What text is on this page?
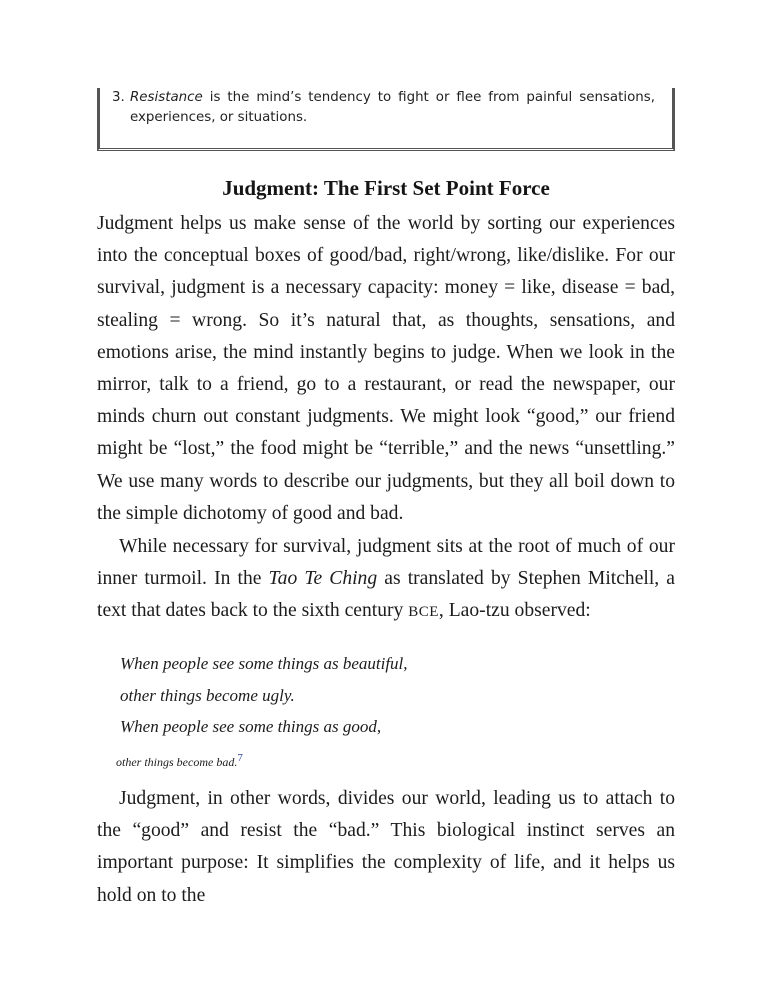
3. Resistance is the mind’s tendency to fight or flee from painful sensations, experiences, or situations.
Judgment: The First Set Point Force
Judgment helps us make sense of the world by sorting our experiences into the conceptual boxes of good/bad, right/wrong, like/dislike. For our survival, judgment is a necessary capacity: money = like, disease = bad, stealing = wrong. So it’s natural that, as thoughts, sensations, and emotions arise, the mind instantly begins to judge. When we look in the mirror, talk to a friend, go to a restaurant, or read the newspaper, our minds churn out constant judgments. We might look “good,” our friend might be “lost,” the food might be “terrible,” and the news “unsettling.” We use many words to describe our judgments, but they all boil down to the simple dichotomy of good and bad.
While necessary for survival, judgment sits at the root of much of our inner turmoil. In the Tao Te Ching as translated by Stephen Mitchell, a text that dates back to the sixth century BCE, Lao-tzu observed:
When people see some things as beautiful,
other things become ugly.
When people see some things as good,
other things become bad.7
Judgment, in other words, divides our world, leading us to attach to the “good” and resist the “bad.” This biological instinct serves an important purpose: It simplifies the complexity of life, and it helps us hold on to the
